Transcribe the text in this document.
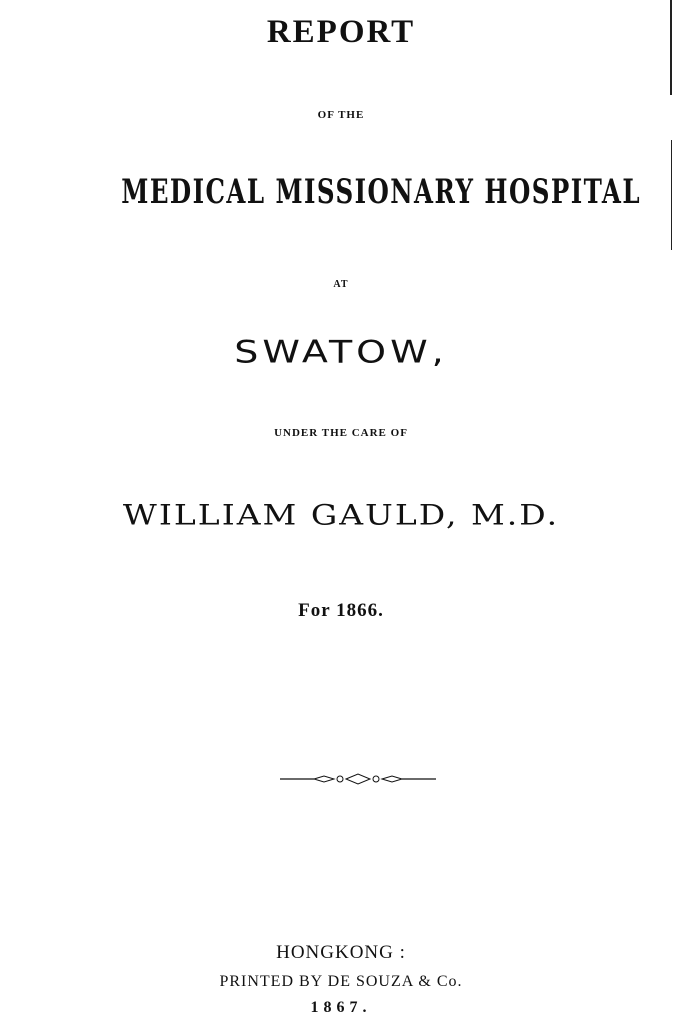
REPORT

OF THE

MEDICAL MISSIONARY HOSPITAL

AT

SWATOW,

UNDER THE CARE OF

WILLIAM GAULD, M.D.

For 1866.

HONGKONG :

PRINTED BY DE SOUZA & Co.

1867.
